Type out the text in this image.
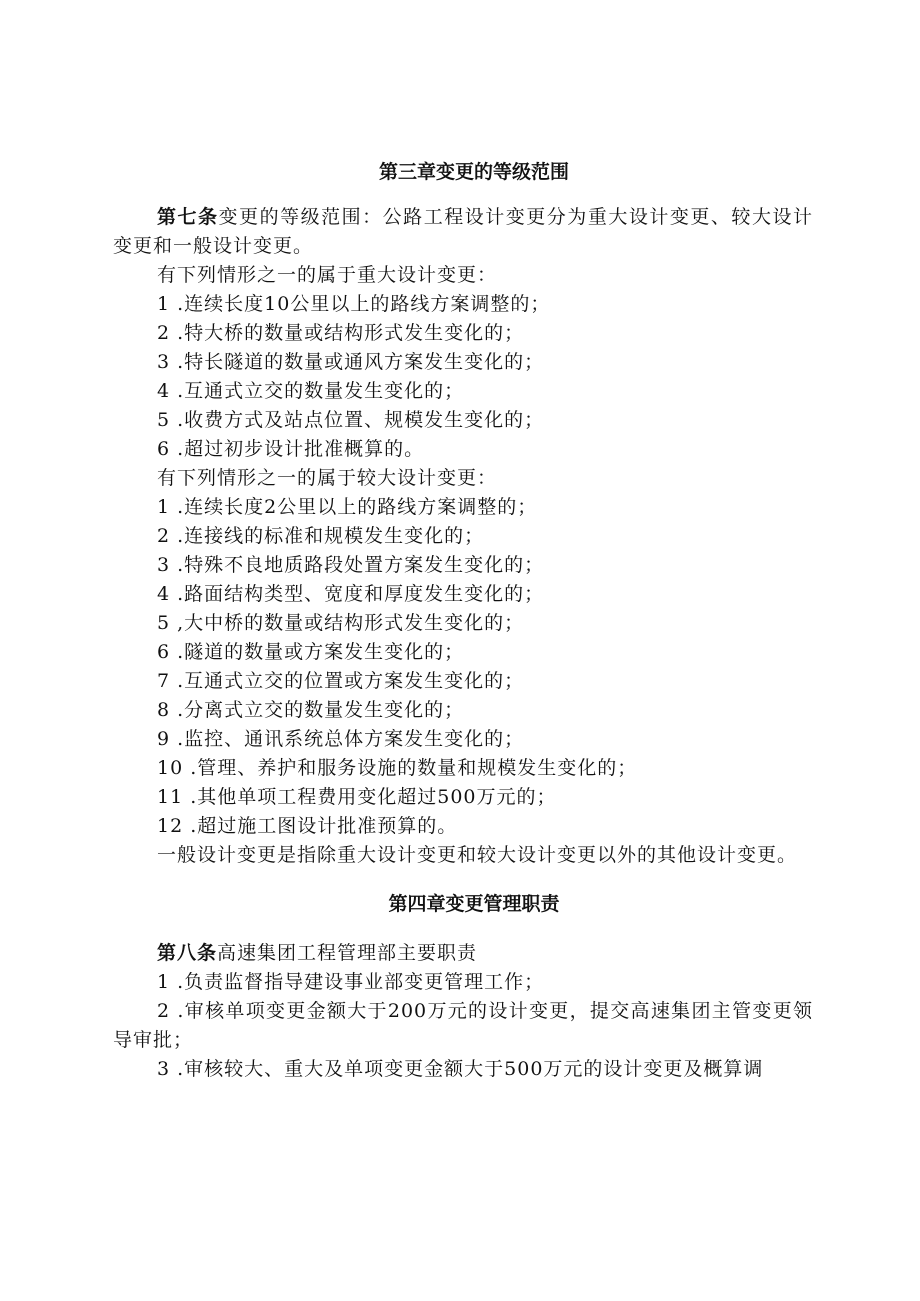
第三章变更的等级范围

第七条变更的等级范围：公路工程设计变更分为重大设计变更、较大设计变更和一般设计变更。

有下列情形之一的属于重大设计变更：

1 .连续长度10公里以上的路线方案调整的；

2 .特大桥的数量或结构形式发生变化的；

3 .特长隧道的数量或通风方案发生变化的；

4 .互通式立交的数量发生变化的；

5 .收费方式及站点位置、规模发生变化的；

6 .超过初步设计批准概算的。

有下列情形之一的属于较大设计变更：

1 .连续长度2公里以上的路线方案调整的；

2 .连接线的标准和规模发生变化的；

3 .特殊不良地质路段处置方案发生变化的；

4 .路面结构类型、宽度和厚度发生变化的；

5 ,大中桥的数量或结构形式发生变化的；

6 .隧道的数量或方案发生变化的；

7 .互通式立交的位置或方案发生变化的；

8 .分离式立交的数量发生变化的；

9 .监控、通讯系统总体方案发生变化的；

10 .管理、养护和服务设施的数量和规模发生变化的；

11 .其他单项工程费用变化超过500万元的；

12 .超过施工图设计批准预算的。

一般设计变更是指除重大设计变更和较大设计变更以外的其他设计变更。

第四章变更管理职责

第八条高速集团工程管理部主要职责

1 .负责监督指导建设事业部变更管理工作；

2 .审核单项变更金额大于200万元的设计变更，提交高速集团主管变更领导审批；

3 .审核较大、重大及单项变更金额大于500万元的设计变更及概算调
